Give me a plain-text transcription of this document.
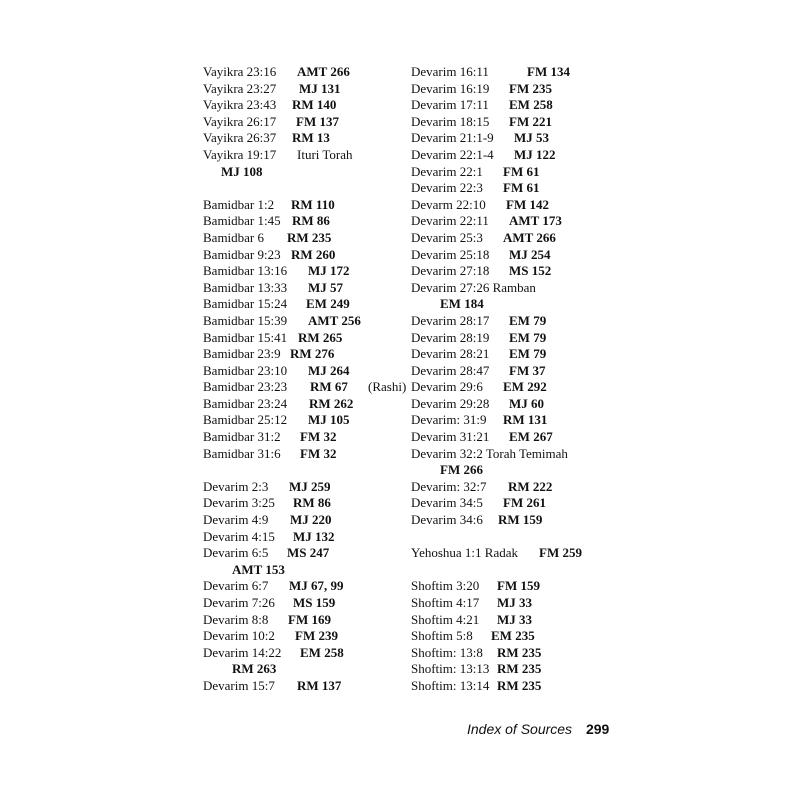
Vayikra 23:16 AMT 266
Vayikra 23:27 MJ 131
Vayikra 23:43 RM 140
Vayikra 26:17 FM 137
Vayikra 26:37 RM 13
Vayikra 19:17 Ituri Torah
MJ 108
Bamidbar 1:2 RM 110
Bamidbar 1:45 RM 86
Bamidbar 6 RM 235
Bamidbar 9:23 RM 260
Bamidbar 13:16 MJ 172
Bamidbar 13:33 MJ 57
Bamidbar 15:24 EM 249
Bamidbar 15:39 AMT 256
Bamidbar 15:41 RM 265
Bamidbar 23:9 RM 276
Bamidbar 23:10 MJ 264
Bamidbar 23:23 RM 67 (Rashi)
Bamidbar 23:24 RM 262
Bamidbar 25:12 MJ 105
Bamidbar 31:2 FM 32
Bamidbar 31:6 FM 32
Devarim 2:3 MJ 259
Devarim 3:25 RM 86
Devarim 4:9 MJ 220
Devarim 4:15 MJ 132
Devarim 6:5 MS 247
AMT 153
Devarim 6:7 MJ 67, 99
Devarim 7:26 MS 159
Devarim 8:8 FM 169
Devarim 10:2 FM 239
Devarim 14:22 EM 258
RM 263
Devarim 15:7 RM 137
Devarim 16:11	FM 134
Devarim 16:19 FM 235
Devarim 17:11 EM 258
Devarim 18:15 FM 221
Devarim 21:1-9 MJ 53
Devarim 22:1-4 MJ 122
Devarim 22:1 FM 61
Devarim 22:3 FM 61
Devarm 22:10 FM 142
Devarim 22:11 AMT 173
Devarim 25:3 AMT 266
Devarim 25:18 MJ 254
Devarim 27:18 MS 152
Devarim 27:26 Ramban
EM 184
Devarim 28:17 EM 79
Devarim 28:19 EM 79
Devarim 28:21 EM 79
Devarim 28:47 FM 37
Devarim 29:6 EM 292
Devarim 29:28 MJ 60
Devarim: 31:9 RM 131
Devarim 31:21 EM 267
Devarim 32:2 Torah Temimah
FM 266
Devarim: 32:7 RM 222
Devarim 34:5 FM 261
Devarim 34:6 RM 159
Yehoshua 1:1 Radak FM 259
Shoftim 3:20 FM 159
Shoftim 4:17 MJ 33
Shoftim 4:21 MJ 33
Shoftim 5:8 EM 235
Shoftim: 13:8 RM 235
Shoftim: 13:13 RM 235
Shoftim: 13:14 RM 235
Index of Sources 299
